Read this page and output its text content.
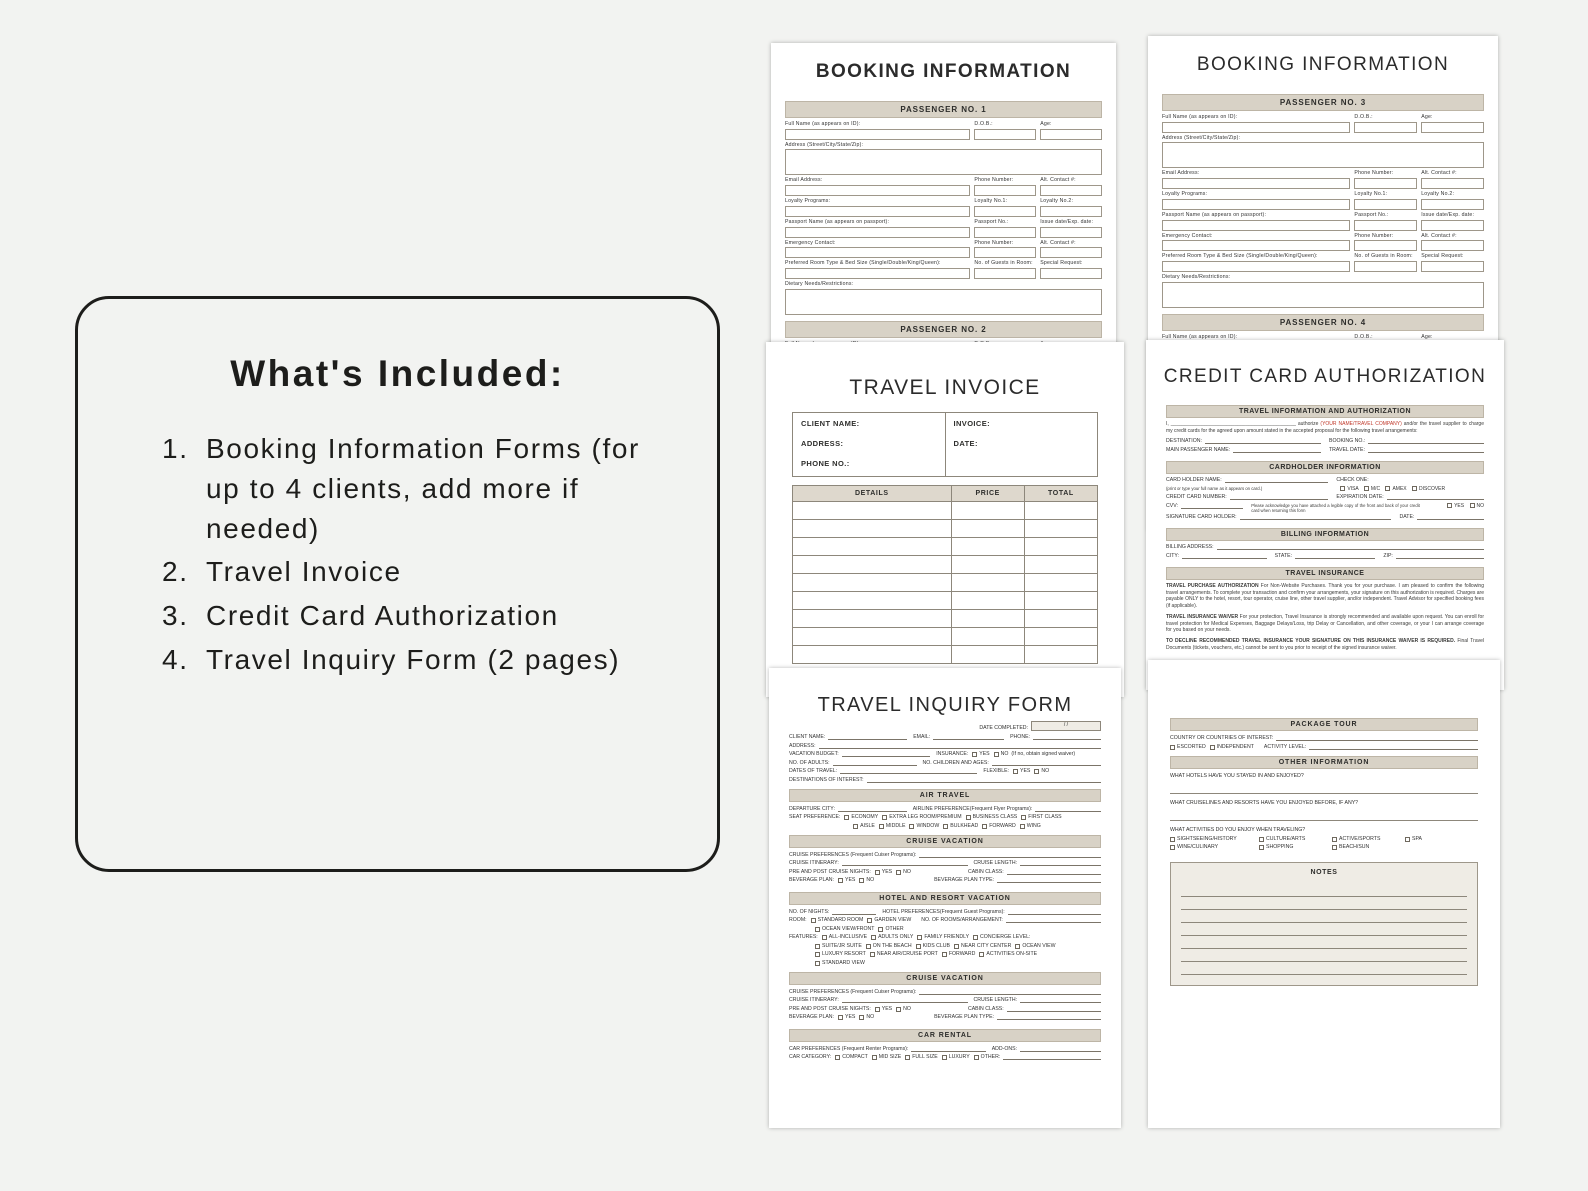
What's Included:
Booking Information Forms (for up to 4 clients, add more if needed)
Travel Invoice
Credit Card Authorization
Travel Inquiry Form (2 pages)
BOOKING INFORMATION
PASSENGER NO. 1
Full Name (as appears on ID):	D.O.B.:	Age:
Address (Street/City/State/Zip):
Email Address:	Phone Number:	Alt. Contact #:
Loyalty Programs:	Loyalty No.1:	Loyalty No.2:
Passport Name (as appears on passport):	Passport No.:	Issue date/Exp. date:
Emergency Contact:	Phone Number:	Alt. Contact #:
Preferred Room Type & Bed Size (Single/Double/King/Queen):	No. of Guests in Room:	Special Request:
Dietary Needs/Restrictions:
PASSENGER NO. 2
BOOKING INFORMATION
PASSENGER NO. 3
Full Name (as appears on ID):	D.O.B.:	Age:
Address (Street/City/State/Zip):
Email Address:	Phone Number:	Alt. Contact #:
Loyalty Programs:	Loyalty No.1:	Loyalty No.2:
Passport Name (as appears on passport):	Passport No.:	Issue date/Exp. date:
Emergency Contact:	Phone Number:	Alt. Contact #:
Preferred Room Type & Bed Size (Single/Double/King/Queen):	No. of Guests in Room:	Special Request:
Dietary Needs/Restrictions:
PASSENGER NO. 4
Full Name (as appears on ID):	D.O.B.:	Age:
TRAVEL INVOICE
CLIENT NAME:
ADDRESS:
PHONE NO.:
INVOICE:
DATE:
DETAILS	PRICE	TOTAL

CREDIT CARD AUTHORIZATION
TRAVEL INFORMATION AND AUTHORIZATION
I, _____________________________________________ authorize (YOUR NAME/TRAVEL COMPANY) and/or the travel supplier to charge my credit cards for the agreed upon amount stated in the accepted proposal for the following travel arrangements:
DESTINATION:	BOOKING NO.:
MAIN PASSENGER NAME:	TRAVEL DATE:
CARDHOLDER INFORMATION
CARD HOLDER NAME:	CHECK ONE:
(print or type your full name as it appears on card.)	VISA M/C AMEX DISCOVER
CREDIT CARD NUMBER:	EXPIRATION DATE:
CVV:	Please acknowledge you have attached a legible copy of the front and back of your credit card when returning this form
YES NO
SIGNATURE CARD HOLDER:	DATE:
BILLING INFORMATION
BILLING ADDRESS:
CITY:	STATE:	ZIP:
TRAVEL INSURANCE
TRAVEL PURCHASE AUTHORIZATION For Non-Website Purchases. Thank you for your purchase. I am pleased to confirm the following travel arrangements. To complete your transaction and confirm your arrangements, your signature on this authorization is required. Charges are payable ONLY to the hotel, resort, tour operator, cruise line, other travel supplier, and/or independent. Travel Advisor for specified booking fees (if applicable).
TRAVEL INSURANCE WAIVER For your protection, Travel Insurance is strongly recommended and available upon request. You can enroll for travel protection for Medical Expenses, Baggage Delays/Loss, trip Delay or Cancellation, and other coverage, or your I can arrange coverage for you based on your needs.
TO DECLINE RECOMMENDED TRAVEL INSURANCE YOUR SIGNATURE ON THIS INSURANCE WAIVER IS REQUIRED. Final Travel Documents (tickets, vouchers, etc.) cannot be sent to you prior to receipt of the signed insurance waiver.
TRAVEL INQUIRY FORM
DATE COMPLETED:	/ /
CLIENT NAME:	EMAIL:	PHONE:
ADDRESS:
VACATION BUDGET:	INSURANCE: YES NO (If no, obtain signed waiver)
NO. OF ADULTS:	NO. CHILDREN AND AGES:
DATES OF TRAVEL:	FLEXIBLE: YES NO
DESTINATIONS OF INTEREST:
AIR TRAVEL
DEPARTURE CITY:	AIRLINE PREFERENCE(Frequent Flyer Programs):
SEAT PREFERENCE: ECONOMY EXTRA LEG ROOM/PREMIUM BUSINESS CLASS FIRST CLASS
AISLE MIDDLE WINDOW BULKHEAD FORWARD WING
CRUISE VACATION
CRUISE PREFERENCES (Frequent Cuiser Programs):
CRUISE ITINERARY:	CRUISE LENGTH:
PRE AND POST CRUISE NIGHTS: YES NO	CABIN CLASS:
BEVERAGE PLAN: YES NO	BEVERAGE PLAN TYPE:
HOTEL AND RESORT VACATION
NO. OF NIGHTS:	HOTEL PREFERENCES(Frequent Guest Programs):
ROOM: STANDARD ROOM GARDEN VIEW NO. OF ROOMS/ARRANGEMENT:
OCEAN VIEW/FRONT OTHER
FEATURES: ALL-INCLUSIVE ADULTS ONLY FAMILY FRIENDLY CONCIERGE LEVEL:
SUITE/JR SUITE ON THE BEACH KIDS CLUB NEAR CITY CENTER OCEAN VIEW
LUXURY RESORT NEAR AIR/CRUISE PORT FORWARD ACTIVITIES ON-SITE
STANDARD VIEW
CRUISE VACATION
CRUISE PREFERENCES (Frequent Cuiser Programs):
CRUISE ITINERARY:	CRUISE LENGTH:
PRE AND POST CRUISE NIGHTS: YES NO	CABIN CLASS:
BEVERAGE PLAN: YES NO	BEVERAGE PLAN TYPE:
CAR RENTAL
CAR PREFERENCES (Frequent Renter Programs):	ADD-ONS:
CAR CATEGORY: COMPACT MID SIZE FULL SIZE LUXURY OTHER:
PACKAGE TOUR
COUNTRY OR COUNTRIES OF INTEREST:
ESCORTED INDEPENDENT ACTIVITY LEVEL:
OTHER INFORMATION
WHAT HOTELS HAVE YOU STAYED IN AND ENJOYED?
WHAT CRUISELINES AND RESORTS HAVE YOU ENJOYED BEFORE, IF ANY?
WHAT ACTIVITIES DO YOU ENJOY WHEN TRAVELING?
SIGHTSEEING/HISTORY	CULTURE/ARTS	ACTIVE/SPORTS	SPA
WINE/CULINARY	SHOPPING	BEACH/SUN
NOTES
